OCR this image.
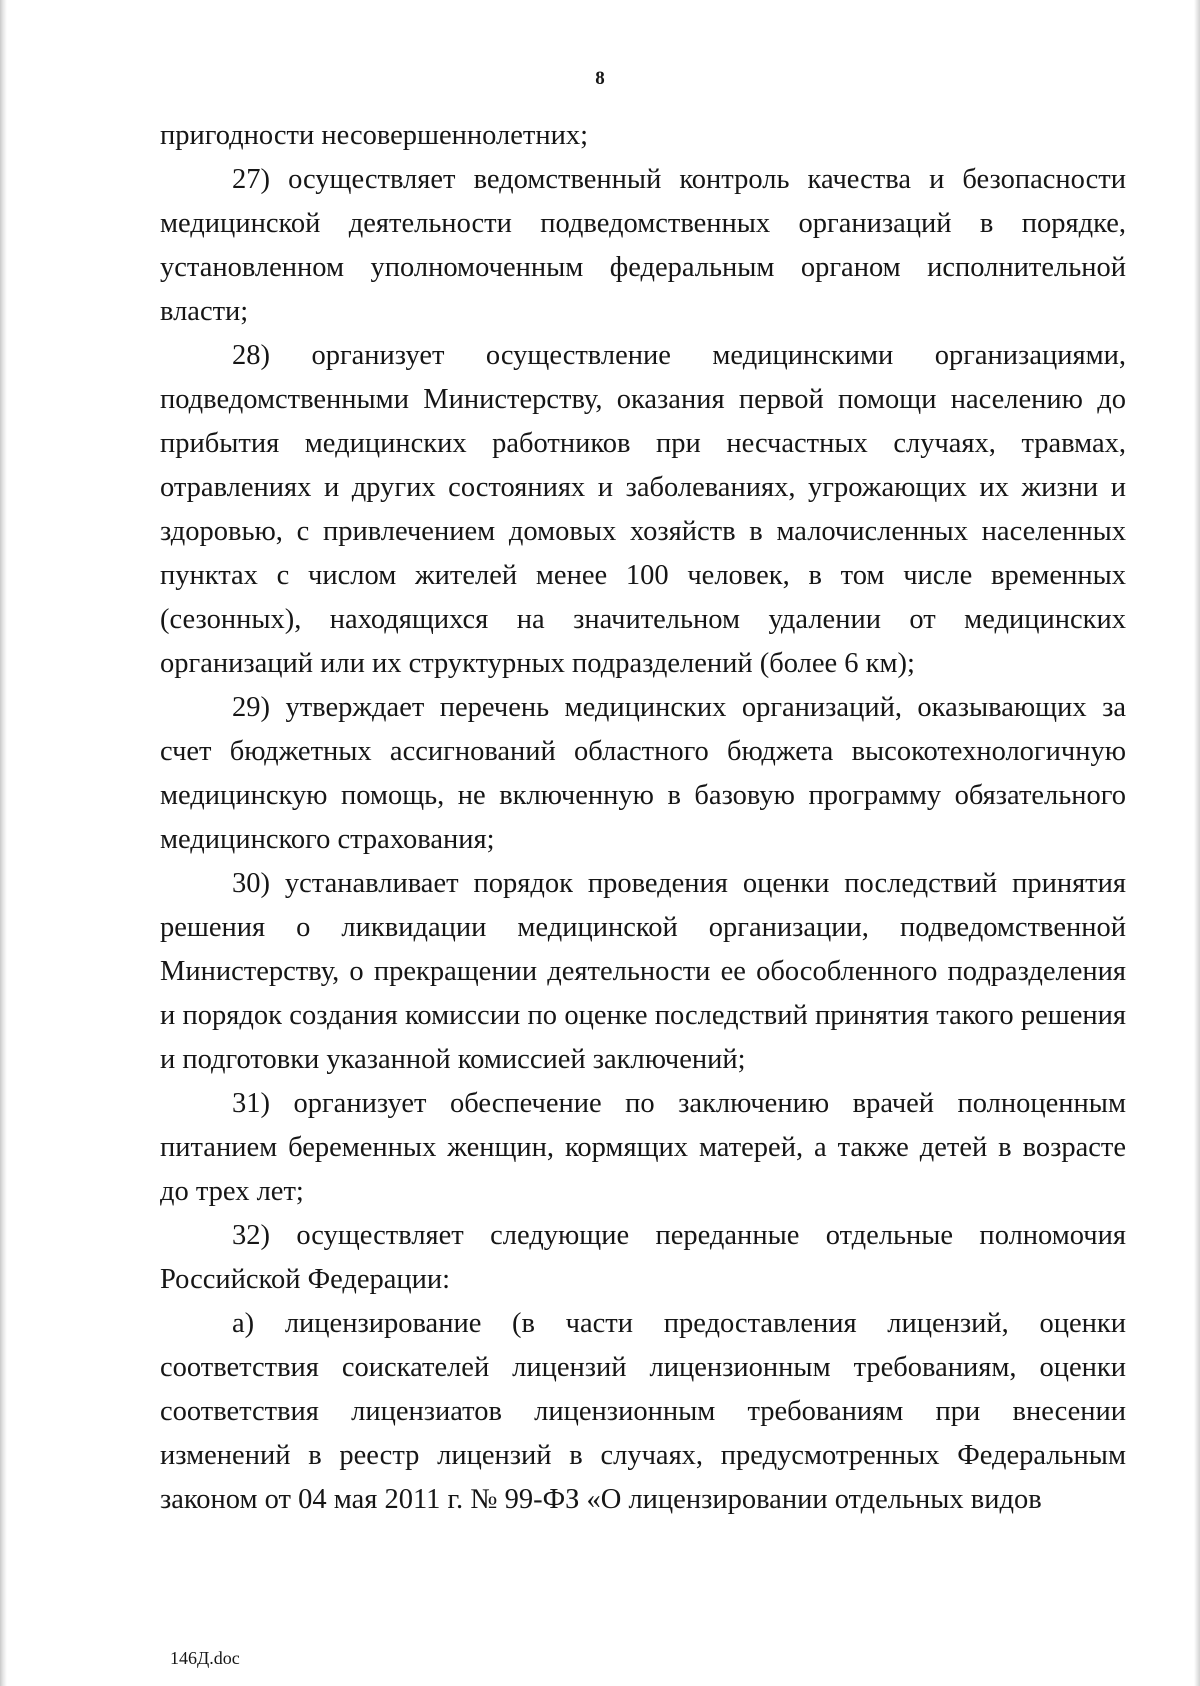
8

пригодности несовершеннолетних;

27) осуществляет ведомственный контроль качества и безопасности медицинской деятельности подведомственных организаций в порядке, установленном уполномоченным федеральным органом исполнительной власти;

28) организует осуществление медицинскими организациями, подведомственными Министерству, оказания первой помощи населению до прибытия медицинских работников при несчастных случаях, травмах, отравлениях и других состояниях и заболеваниях, угрожающих их жизни и здоровью, с привлечением домовых хозяйств в малочисленных населенных пунктах с числом жителей менее 100 человек, в том числе временных (сезонных), находящихся на значительном удалении от медицинских организаций или их структурных подразделений (более 6 км);

29) утверждает перечень медицинских организаций, оказывающих за счет бюджетных ассигнований областного бюджета высокотехнологичную медицинскую помощь, не включенную в базовую программу обязательного медицинского страхования;

30) устанавливает порядок проведения оценки последствий принятия решения о ликвидации медицинской организации, подведомственной Министерству, о прекращении деятельности ее обособленного подразделения и порядок создания комиссии по оценке последствий принятия такого решения и подготовки указанной комиссией заключений;

31) организует обеспечение по заключению врачей полноценным питанием беременных женщин, кормящих матерей, а также детей в возрасте до трех лет;

32) осуществляет следующие переданные отдельные полномочия Российской Федерации:

а) лицензирование (в части предоставления лицензий, оценки соответствия соискателей лицензий лицензионным требованиям, оценки соответствия лицензиатов лицензионным требованиям при внесении изменений в реестр лицензий в случаях, предусмотренных Федеральным законом от 04 мая 2011 г. № 99-ФЗ «О лицензировании отдельных видов

146Д.doc
